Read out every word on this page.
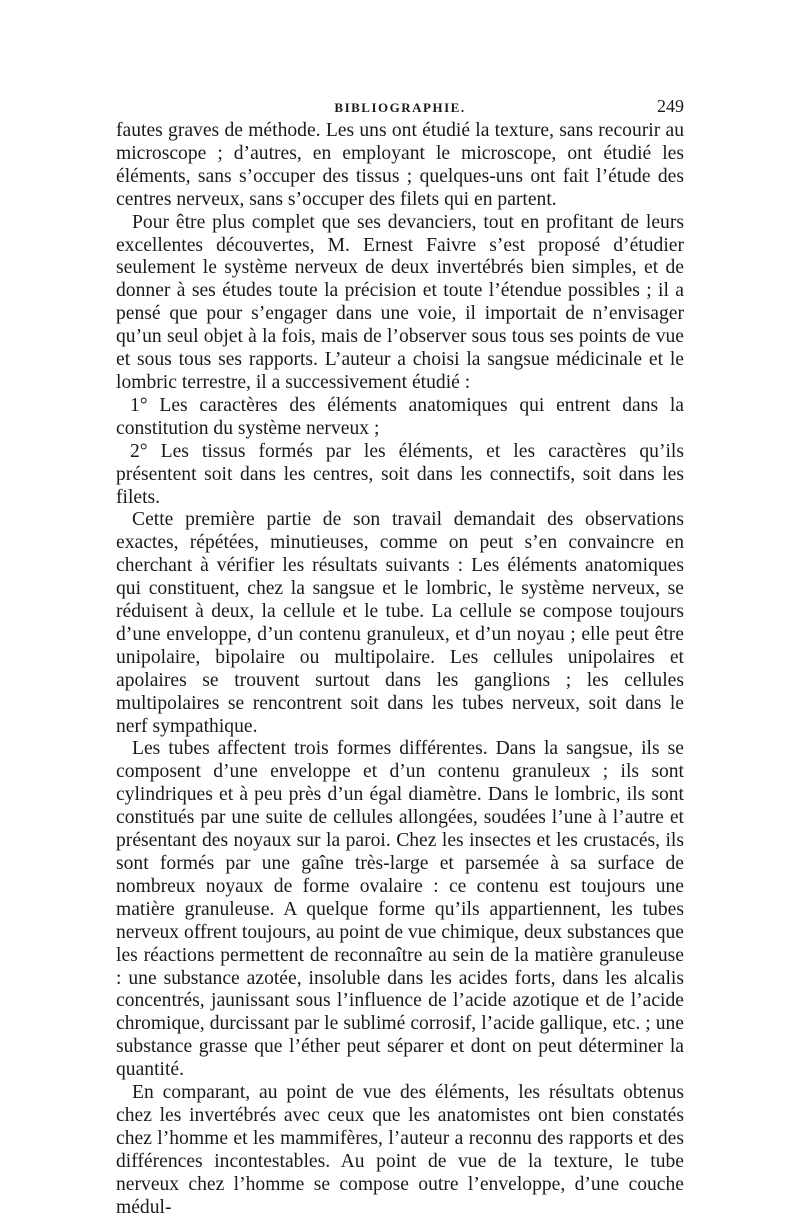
BIBLIOGRAPHIE.	249

fautes graves de méthode. Les uns ont étudié la texture, sans recourir au microscope ; d’autres, en employant le microscope, ont étudié les éléments, sans s’occuper des tissus ; quelques-uns ont fait l’étude des centres nerveux, sans s’occuper des filets qui en partent.

Pour être plus complet que ses devanciers, tout en profitant de leurs excellentes découvertes, M. Ernest Faivre s’est proposé d’étudier seulement le système nerveux de deux invertébrés bien simples, et de donner à ses études toute la précision et toute l’étendue possibles ; il a pensé que pour s’engager dans une voie, il importait de n’envisager qu’un seul objet à la fois, mais de l’observer sous tous ses points de vue et sous tous ses rapports. L’auteur a choisi la sangsue médicinale et le lombric terrestre, il a successivement étudié :

1° Les caractères des éléments anatomiques qui entrent dans la constitution du système nerveux ;

2° Les tissus formés par les éléments, et les caractères qu’ils présentent soit dans les centres, soit dans les connectifs, soit dans les filets.

Cette première partie de son travail demandait des observations exactes, répétées, minutieuses, comme on peut s’en convaincre en cherchant à vérifier les résultats suivants : Les éléments anatomiques qui constituent, chez la sangsue et le lombric, le système nerveux, se réduisent à deux, la cellule et le tube. La cellule se compose toujours d’une enveloppe, d’un contenu granuleux, et d’un noyau ; elle peut être unipolaire, bipolaire ou multipolaire. Les cellules unipolaires et apolaires se trouvent surtout dans les ganglions ; les cellules multipolaires se rencontrent soit dans les tubes nerveux, soit dans le nerf sympathique.

Les tubes affectent trois formes différentes. Dans la sangsue, ils se composent d’une enveloppe et d’un contenu granuleux ; ils sont cylindriques et à peu près d’un égal diamètre. Dans le lombric, ils sont constitués par une suite de cellules allongées, soudées l’une à l’autre et présentant des noyaux sur la paroi. Chez les insectes et les crustacés, ils sont formés par une gaîne très-large et parsemée à sa surface de nombreux noyaux de forme ovalaire : ce contenu est toujours une matière granuleuse. A quelque forme qu’ils appartiennent, les tubes nerveux offrent toujours, au point de vue chimique, deux substances que les réactions permettent de reconnaître au sein de la matière granuleuse : une substance azotée, insoluble dans les acides forts, dans les alcalis concentrés, jaunissant sous l’influence de l’acide azotique et de l’acide chromique, durcissant par le sublimé corrosif, l’acide gallique, etc. ; une substance grasse que l’éther peut séparer et dont on peut déterminer la quantité.

En comparant, au point de vue des éléments, les résultats obtenus chez les invertébrés avec ceux que les anatomistes ont bien constatés chez l’homme et les mammifères, l’auteur a reconnu des rapports et des différences incontestables. Au point de vue de la texture, le tube nerveux chez l’homme se compose outre l’enveloppe, d’une couche médul-
